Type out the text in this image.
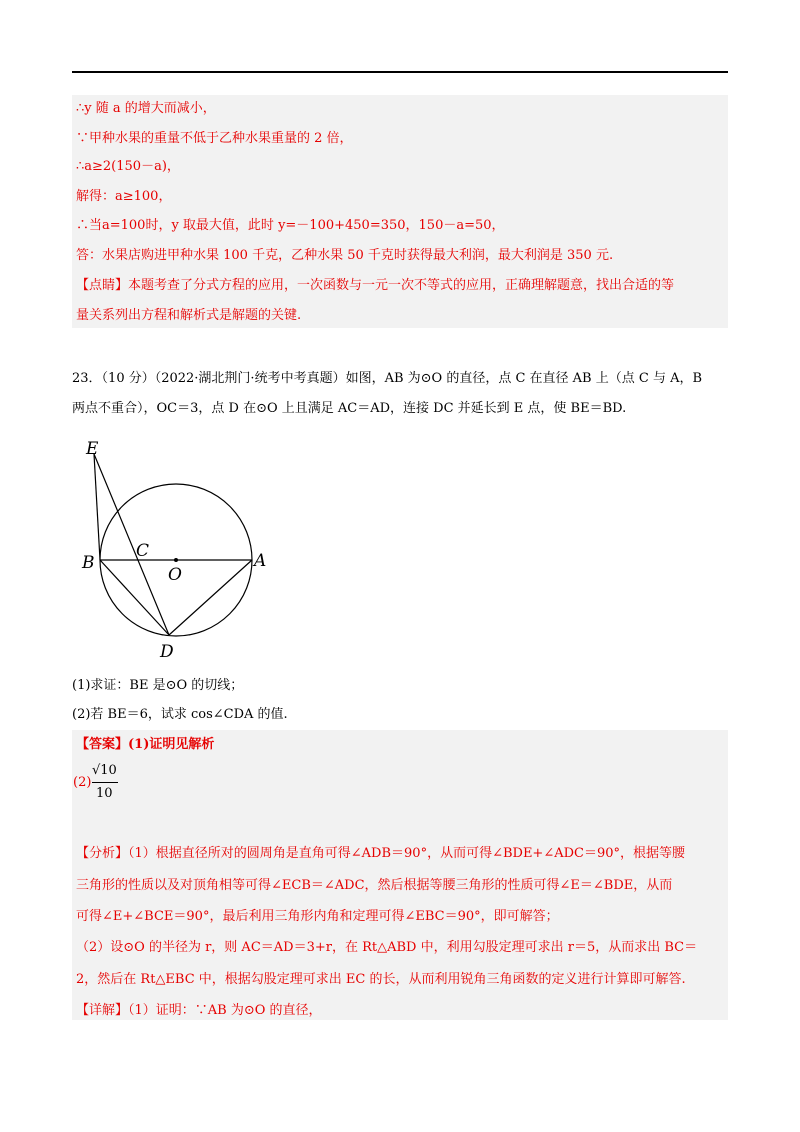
∴y 随 a 的增大而减小，
∵甲种水果的重量不低于乙种水果重量的 2 倍，
∴a≥2(150－a)，
解得：a≥100，
∴当a=100时，y 取最大值，此时 y=－100+450=350，150－a=50，
答：水果店购进甲种水果 100 千克，乙种水果 50 千克时获得最大利润，最大利润是 350 元.
【点睛】本题考查了分式方程的应用，一次函数与一元一次不等式的应用，正确理解题意，找出合适的等
量关系列出方程和解析式是解题的关键.
23．（10 分）（2022·湖北荆门·统考中考真题）如图，AB 为⊙O 的直径，点 C 在直径 AB 上（点 C 与 A，B
两点不重合），OC＝3，点 D 在⊙O 上且满足 AC＝AD，连接 DC 并延长到 E 点，使 BE＝BD.
E
B
C
O
A
D
(1)求证：BE 是⊙O 的切线；
(2)若 BE＝6，试求 cos∠CDA 的值.
【答案】(1)证明见解析
(2)
√10
10
【分析】（1）根据直径所对的圆周角是直角可得∠ADB＝90°，从而可得∠BDE+∠ADC＝90°，根据等腰
三角形的性质以及对顶角相等可得∠ECB＝∠ADC，然后根据等腰三角形的性质可得∠E＝∠BDE，从而
可得∠E+∠BCE＝90°，最后利用三角形内角和定理可得∠EBC＝90°，即可解答；
（2）设⊙O 的半径为 r，则 AC＝AD＝3+r，在 Rt△ABD 中，利用勾股定理可求出 r＝5，从而求出 BC＝
2，然后在 Rt△EBC 中，根据勾股定理可求出 EC 的长，从而利用锐角三角函数的定义进行计算即可解答.
【详解】（1）证明：∵AB 为⊙O 的直径，
